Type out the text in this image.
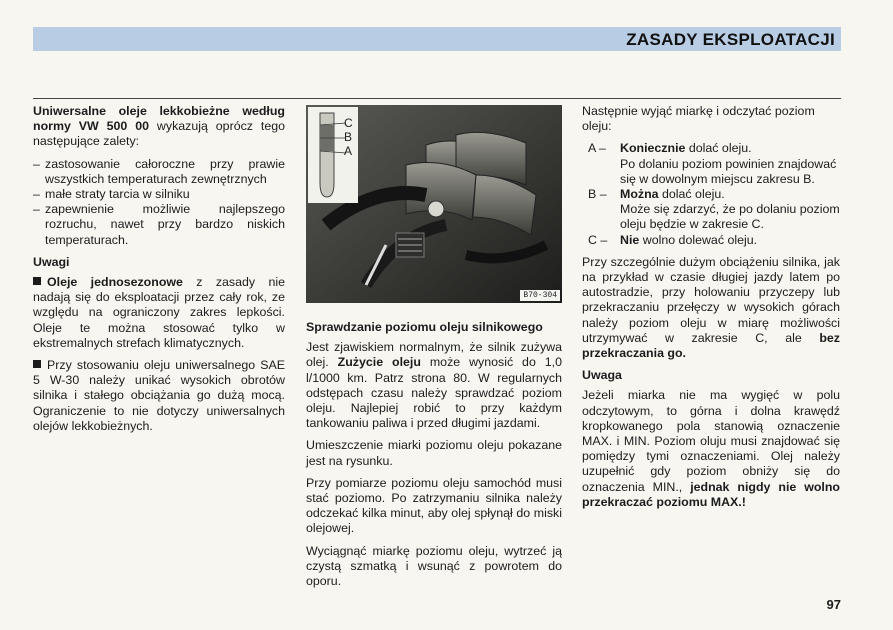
ZASADY EKSPLOATACJI

Uniwersalne oleje lekkobieżne według normy VW 500 00 wykazują oprócz tego następujące zalety:

– zastosowanie całoroczne przy prawie wszystkich temperaturach zewnętrznych
– małe straty tarcia w silniku
– zapewnienie możliwie najlepszego rozruchu, nawet przy bardzo niskich temperaturach.
Uwagi

Oleje jednosezonowe z zasady nie nadają się do eksploatacji przez cały rok, ze względu na ograniczony zakres lepkości. Oleje te można stosować tylko w ekstremalnych strefach klimatycznych.

Przy stosowaniu oleju uniwersalnego SAE 5 W-30 należy unikać wysokich obrotów silnika i stałego obciążania go dużą mocą. Ograniczenie to nie dotyczy uniwersalnych olejów lekkobieżnych.

C
B
A
B70-304
Sprawdzanie poziomu oleju silnikowego

Jest zjawiskiem normalnym, że silnik zużywa olej. Zużycie oleju może wynosić do 1,0 l/1000 km. Patrz strona 80. W regularnych odstępach czasu należy sprawdzać poziom oleju. Najlepiej robić to przy każdym tankowaniu paliwa i przed długimi jazdami.

Umieszczenie miarki poziomu oleju pokazane jest na rysunku.

Przy pomiarze poziomu oleju samochód musi stać poziomo. Po zatrzymaniu silnika należy odczekać kilka minut, aby olej spłynął do miski olejowej.

Wyciągnąć miarkę poziomu oleju, wytrzeć ją czystą szmatką i wsunąć z powrotem do oporu.

Następnie wyjąć miarkę i odczytać poziom oleju:

A –	Koniecznie dolać oleju.
Po dolaniu poziom powinien znajdować się w dowolnym miejscu zakresu B.
B –	Można dolać oleju.
Może się zdarzyć, że po dolaniu poziom oleju będzie w zakresie C.
C –	Nie wolno dolewać oleju.

Przy szczególnie dużym obciążeniu silnika, jak na przykład w czasie długiej jazdy latem po autostradzie, przy holowaniu przyczepy lub przekraczaniu przełęczy w wysokich górach należy poziom oleju w miarę możliwości utrzymywać w zakresie C, ale bez przekraczania go.

Uwaga

Jeżeli miarka nie ma wygięć w polu odczytowym, to górna i dolna krawędź kropkowanego pola stanowią oznaczenie MAX. i MIN. Poziom oluju musi znajdować się pomiędzy tymi oznaczeniami. Olej należy uzupełnić gdy poziom obniży się do oznaczenia MIN., jednak nigdy nie wolno przekraczać poziomu MAX.!

97
